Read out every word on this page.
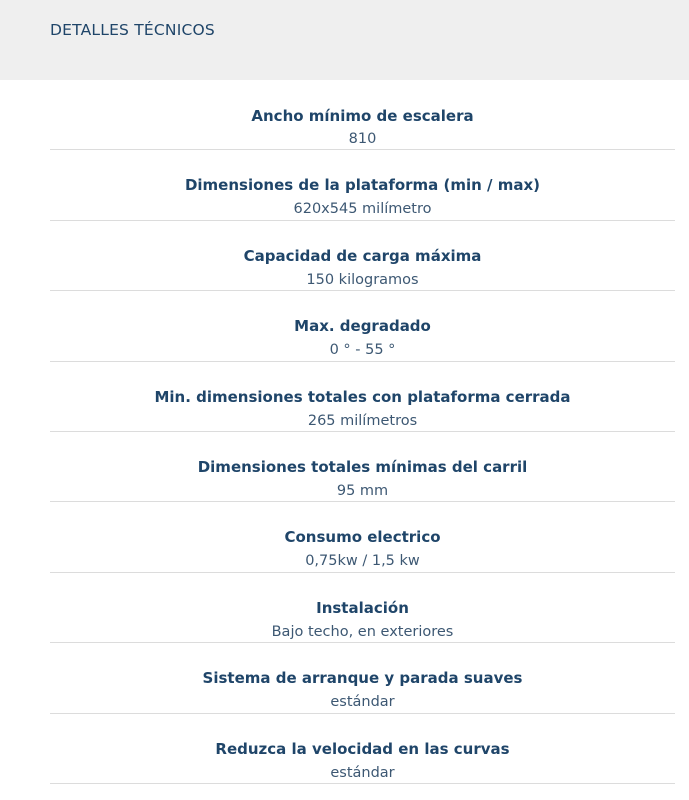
DETALLES TÉCNICOS
Ancho mínimo de escalera
810
Dimensiones de la plataforma (min / max)
620x545 milímetro
Capacidad de carga máxima
150 kilogramos
Max. degradado
0 ° - 55 °
Min. dimensiones totales con plataforma cerrada
265 milímetros
Dimensiones totales mínimas del carril
95 mm
Consumo electrico
0,75kw / 1,5 kw
Instalación
Bajo techo, en exteriores
Sistema de arranque y parada suaves
estándar
Reduzca la velocidad en las curvas
estándar
